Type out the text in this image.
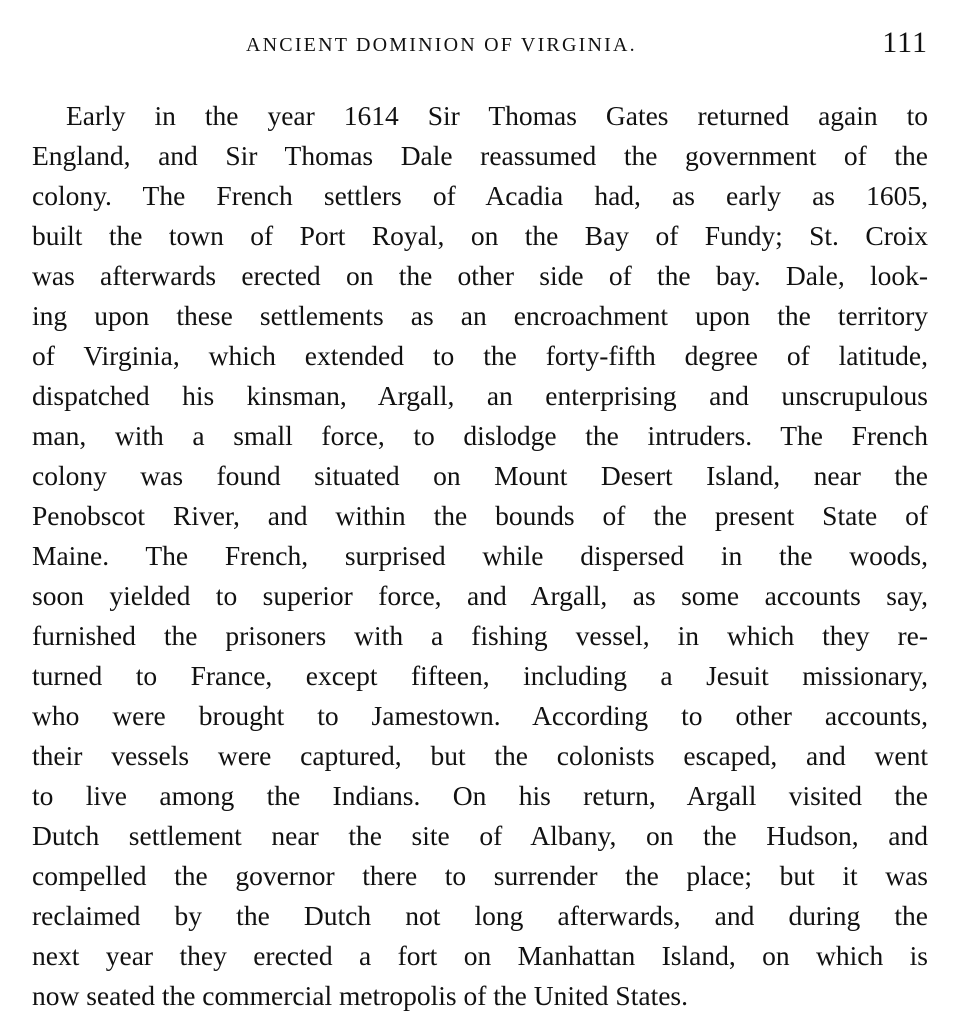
ANCIENT DOMINION OF VIRGINIA.	111
Early in the year 1614 Sir Thomas Gates returned again to
England, and Sir Thomas Dale reassumed the government of the
colony. The French settlers of Acadia had, as early as 1605,
built the town of Port Royal, on the Bay of Fundy; St. Croix
was afterwards erected on the other side of the bay. Dale, look-
ing upon these settlements as an encroachment upon the territory
of Virginia, which extended to the forty-fifth degree of latitude,
dispatched his kinsman, Argall, an enterprising and unscrupulous
man, with a small force, to dislodge the intruders. The French
colony was found situated on Mount Desert Island, near the
Penobscot River, and within the bounds of the present State of
Maine. The French, surprised while dispersed in the woods,
soon yielded to superior force, and Argall, as some accounts say,
furnished the prisoners with a fishing vessel, in which they re-
turned to France, except fifteen, including a Jesuit missionary,
who were brought to Jamestown. According to other accounts,
their vessels were captured, but the colonists escaped, and went
to live among the Indians. On his return, Argall visited the
Dutch settlement near the site of Albany, on the Hudson, and
compelled the governor there to surrender the place; but it was
reclaimed by the Dutch not long afterwards, and during the
next year they erected a fort on Manhattan Island, on which is
now seated the commercial metropolis of the United States.
